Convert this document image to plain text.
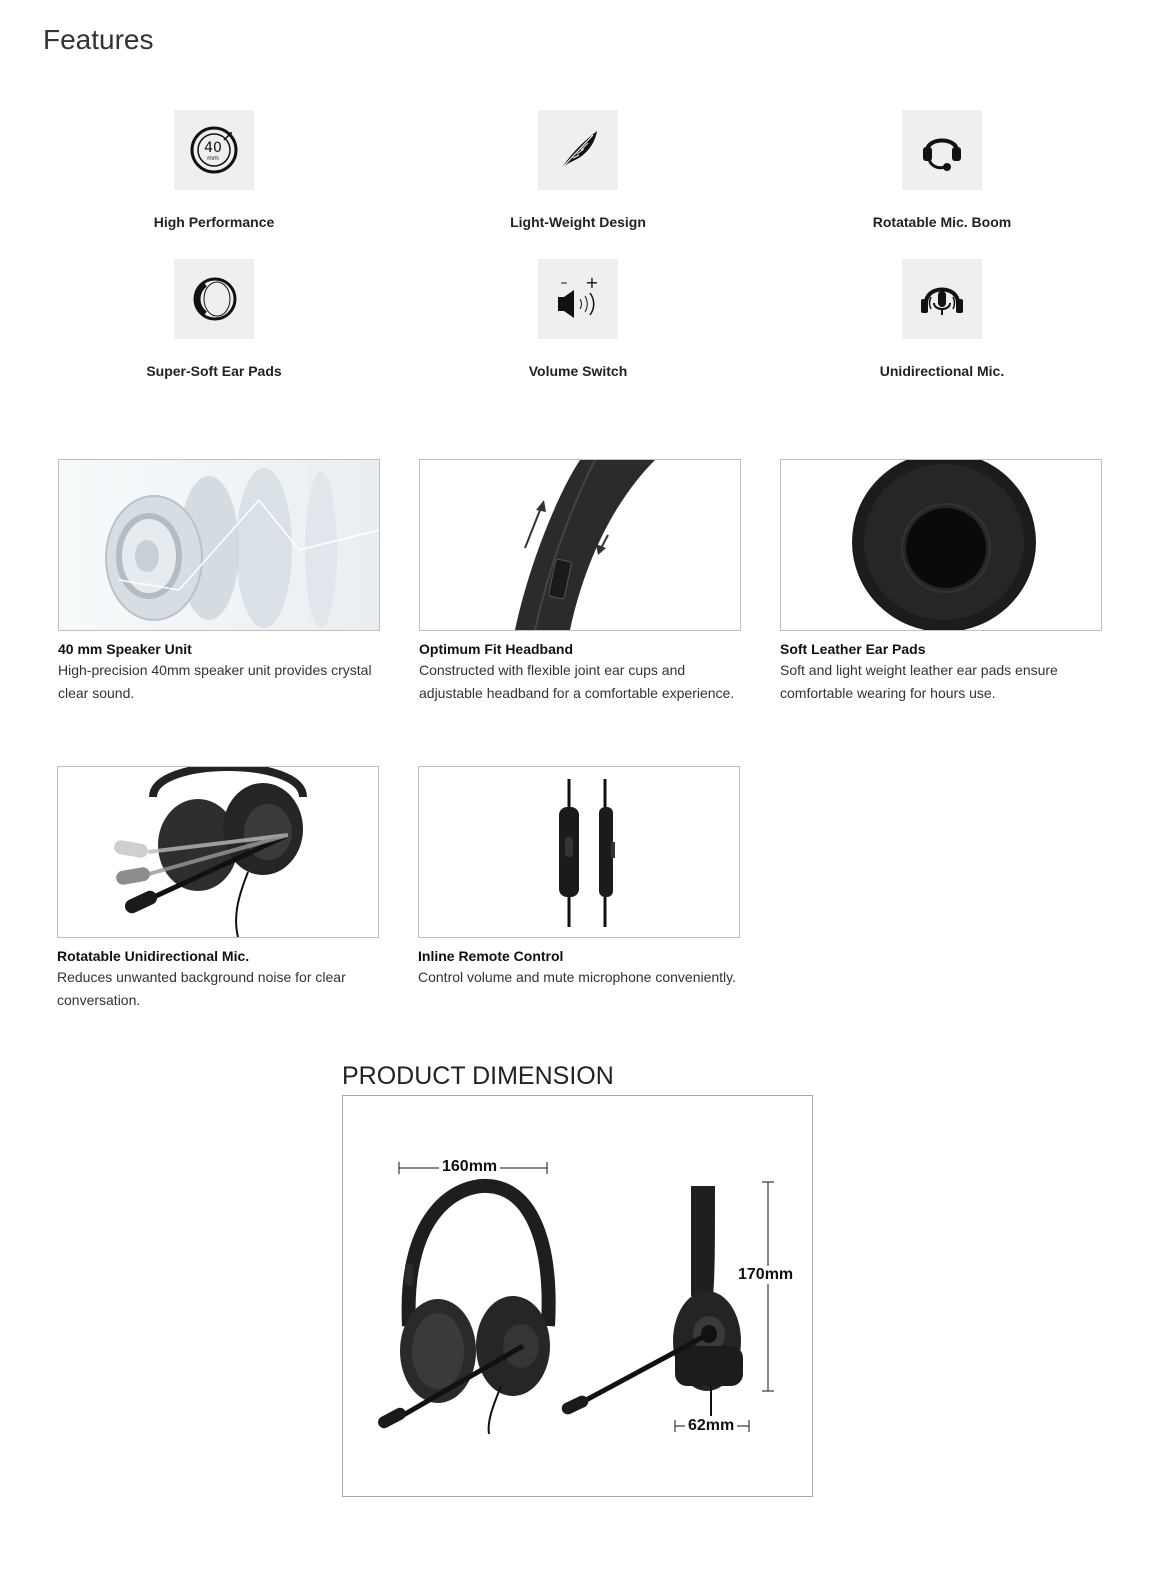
Features
40
mm
High Performance	Light-Weight Design	Rotatable Mic. Boom
Super-Soft Ear Pads
– +
Volume Switch	Unidirectional Mic.
40 mm Speaker Unit
High-precision 40mm speaker unit provides crystal clear sound.
Optimum Fit Headband
Constructed with flexible joint ear cups and adjustable headband for a comfortable experience.
Soft Leather Ear Pads
Soft and light weight leather ear pads ensure comfortable wearing for hours use.
Rotatable Unidirectional Mic.
Reduces unwanted background noise for clear conversation.
Inline Remote Control
Control volume and mute microphone conveniently.
PRODUCT DIMENSION
160mm
170mm
62mm
